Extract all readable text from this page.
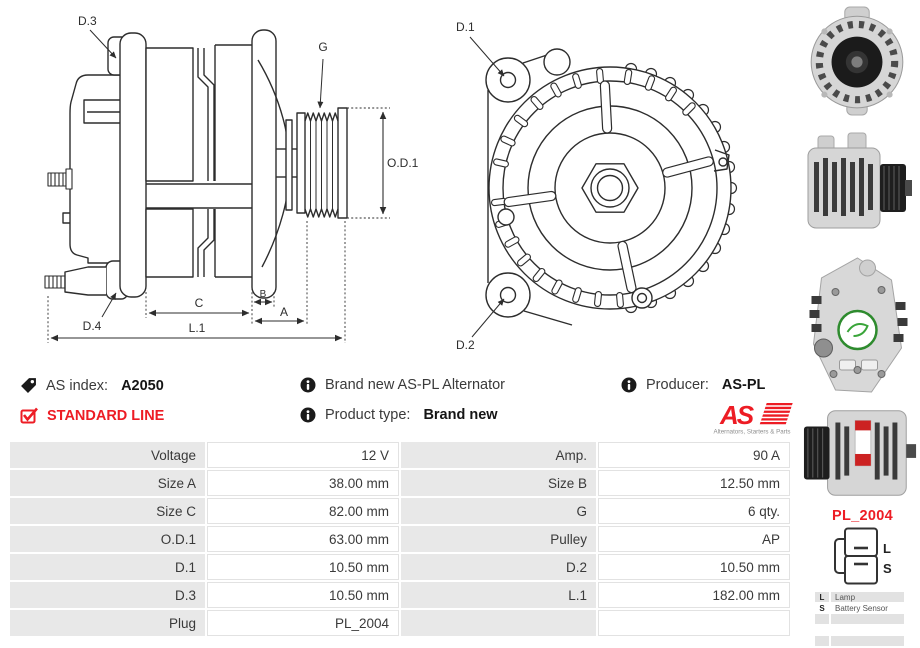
D.3
G
O.D.1
D.4
C
B
A
L.1
D.1
D.2
AS index: A2050	Brand new AS-PL Alternator	Producer: AS-PL
STANDARD LINE	Product type: Brand new	AS
Alternators, Starters & Parts
Voltage	12 V	Amp.	90 A
Size A	38.00 mm	Size B	12.50 mm
Size C	82.00 mm	G	6 qty.
O.D.1	63.00 mm	Pulley	AP
D.1	10.50 mm	D.2	10.50 mm
D.3	10.50 mm	L.1	182.00 mm
Plug	PL_2004
PL_2004
L
S
L	Lamp
S	Battery Sensor
